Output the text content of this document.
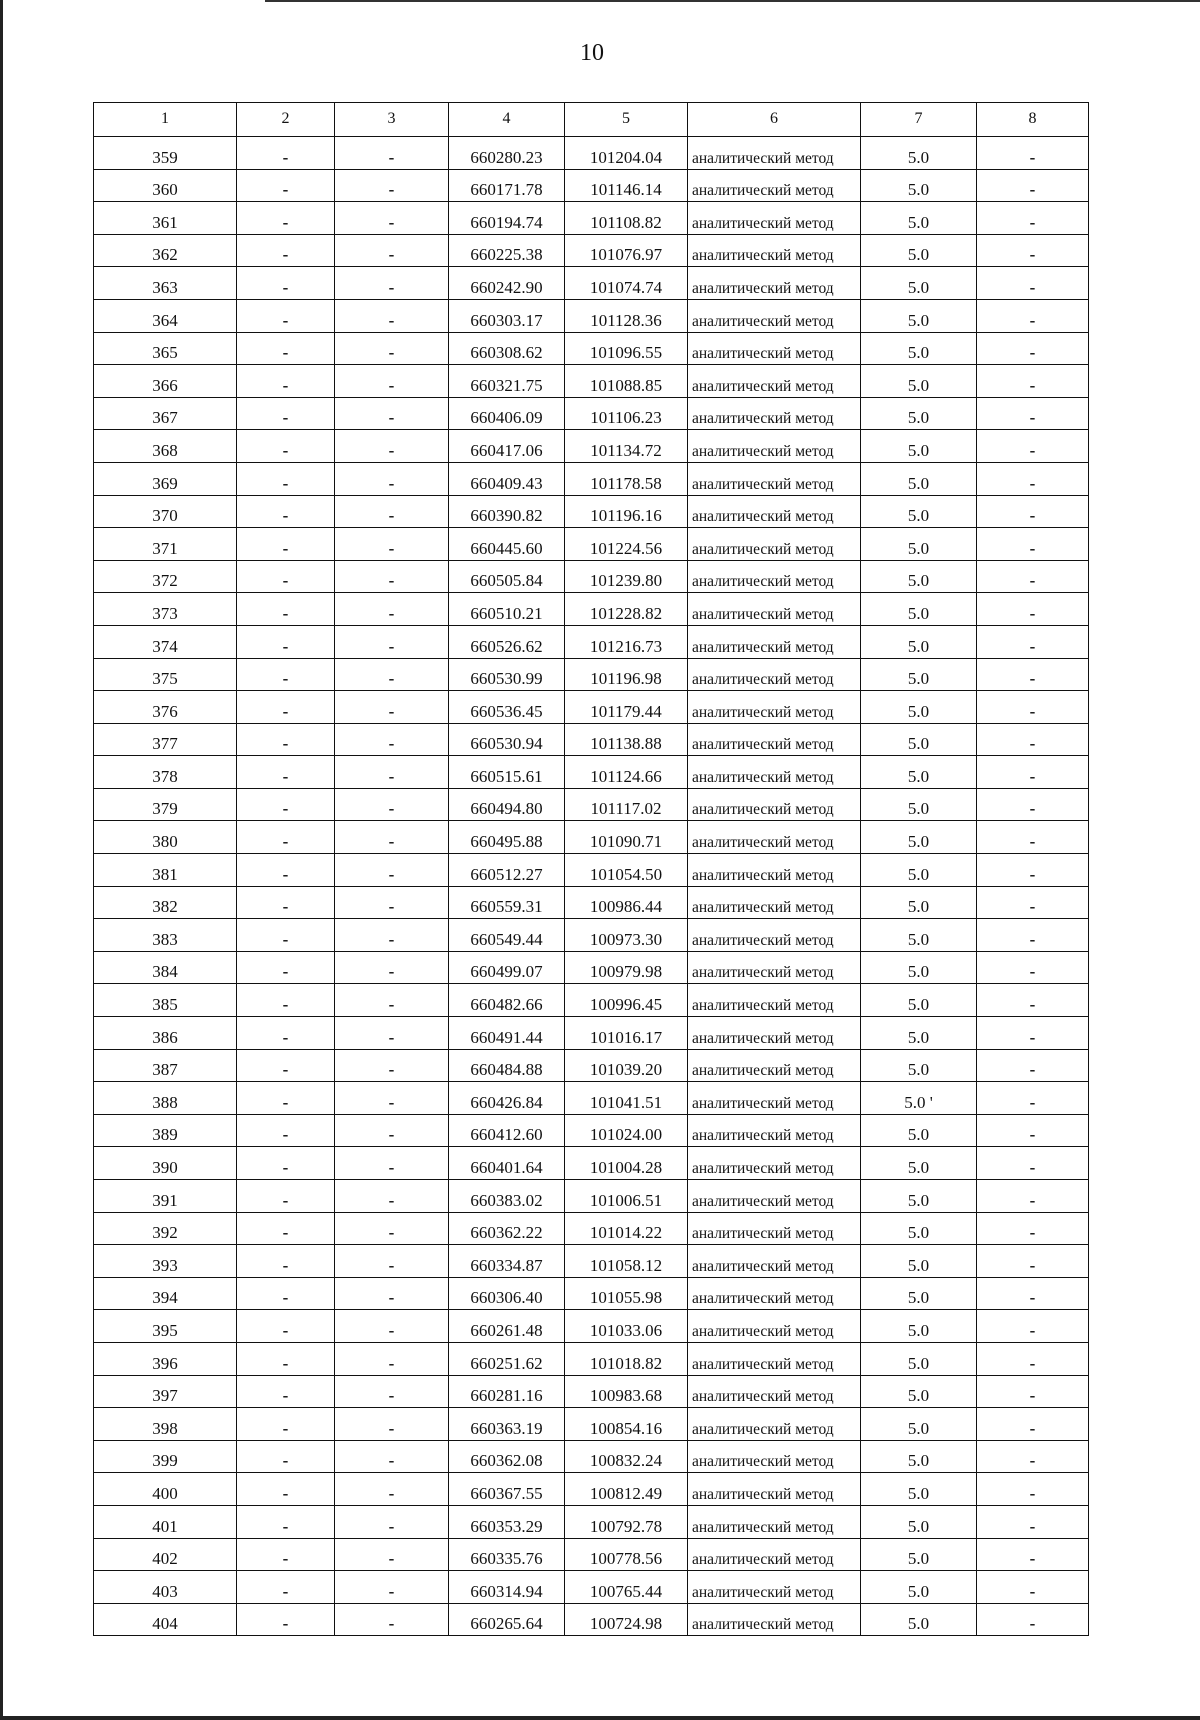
10
1	2	3	4	5	6	7	8
359	-	-	660280.23	101204.04	аналитический метод	5.0	-
360	-	-	660171.78	101146.14	аналитический метод	5.0	-
361	-	-	660194.74	101108.82	аналитический метод	5.0	-
362	-	-	660225.38	101076.97	аналитический метод	5.0	-
363	-	-	660242.90	101074.74	аналитический метод	5.0	-
364	-	-	660303.17	101128.36	аналитический метод	5.0	-
365	-	-	660308.62	101096.55	аналитический метод	5.0	-
366	-	-	660321.75	101088.85	аналитический метод	5.0	-
367	-	-	660406.09	101106.23	аналитический метод	5.0	-
368	-	-	660417.06	101134.72	аналитический метод	5.0	-
369	-	-	660409.43	101178.58	аналитический метод	5.0	-
370	-	-	660390.82	101196.16	аналитический метод	5.0	-
371	-	-	660445.60	101224.56	аналитический метод	5.0	-
372	-	-	660505.84	101239.80	аналитический метод	5.0	-
373	-	-	660510.21	101228.82	аналитический метод	5.0	-
374	-	-	660526.62	101216.73	аналитический метод	5.0	-
375	-	-	660530.99	101196.98	аналитический метод	5.0	-
376	-	-	660536.45	101179.44	аналитический метод	5.0	-
377	-	-	660530.94	101138.88	аналитический метод	5.0	-
378	-	-	660515.61	101124.66	аналитический метод	5.0	-
379	-	-	660494.80	101117.02	аналитический метод	5.0	-
380	-	-	660495.88	101090.71	аналитический метод	5.0	-
381	-	-	660512.27	101054.50	аналитический метод	5.0	-
382	-	-	660559.31	100986.44	аналитический метод	5.0	-
383	-	-	660549.44	100973.30	аналитический метод	5.0	-
384	-	-	660499.07	100979.98	аналитический метод	5.0	-
385	-	-	660482.66	100996.45	аналитический метод	5.0	-
386	-	-	660491.44	101016.17	аналитический метод	5.0	-
387	-	-	660484.88	101039.20	аналитический метод	5.0	-
388	-	-	660426.84	101041.51	аналитический метод	5.0 '	-
389	-	-	660412.60	101024.00	аналитический метод	5.0	-
390	-	-	660401.64	101004.28	аналитический метод	5.0	-
391	-	-	660383.02	101006.51	аналитический метод	5.0	-
392	-	-	660362.22	101014.22	аналитический метод	5.0	-
393	-	-	660334.87	101058.12	аналитический метод	5.0	-
394	-	-	660306.40	101055.98	аналитический метод	5.0	-
395	-	-	660261.48	101033.06	аналитический метод	5.0	-
396	-	-	660251.62	101018.82	аналитический метод	5.0	-
397	-	-	660281.16	100983.68	аналитический метод	5.0	-
398	-	-	660363.19	100854.16	аналитический метод	5.0	-
399	-	-	660362.08	100832.24	аналитический метод	5.0	-
400	-	-	660367.55	100812.49	аналитический метод	5.0	-
401	-	-	660353.29	100792.78	аналитический метод	5.0	-
402	-	-	660335.76	100778.56	аналитический метод	5.0	-
403	-	-	660314.94	100765.44	аналитический метод	5.0	-
404	-	-	660265.64	100724.98	аналитический метод	5.0	-
